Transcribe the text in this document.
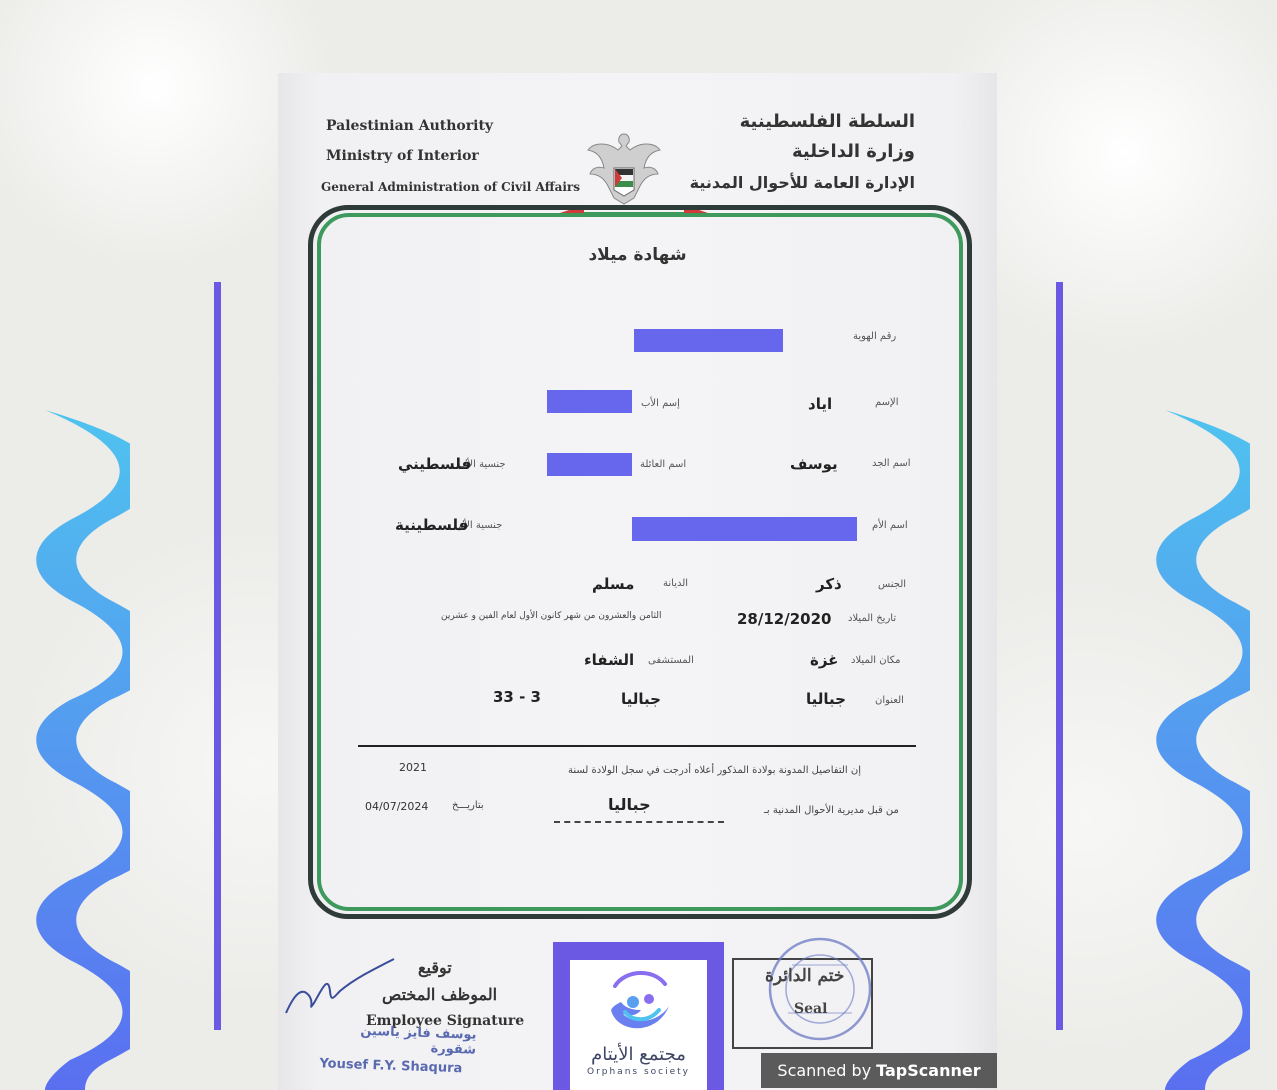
Palestinian Authority
Ministry of Interior
General Administration of Civil Affairs
السلطة الفلسطينية
وزارة الداخلية
الإدارة العامة للأحوال المدنية
شهادة ميلاد
رقم الهوية
الإسم
اياد
إسم الأب
اسم الجد
يوسف
اسم العائلة
جنسية الأب
فلسطيني
اسم الأم
جنسية الأم
فلسطينية
الجنس
ذكر
الديانة
مسلم
تاريخ الميلاد
28/12/2020
الثامن والعشرون من شهر كانون الأول لعام الفين و عشرين
مكان الميلاد
غزة
المستشفى
الشفاء
العنوان
جباليا
جباليا
33 - 3
إن التفاصيل المدونة بولادة المذكور أعلاه أدرجت في سجل الولادة لسنة
2021
من قبل مديرية الأحوال المدنية بـ
جباليا
بتاريـــخ
04/07/2024
توقيع
الموظف المختص
Employee Signature
يوسف فايز ياسين شقورة
Yousef F.Y. Shaqura
ختم الدائرة
Seal
مجتمع الأيتام
Orphans society	Scanned by TapScanner
